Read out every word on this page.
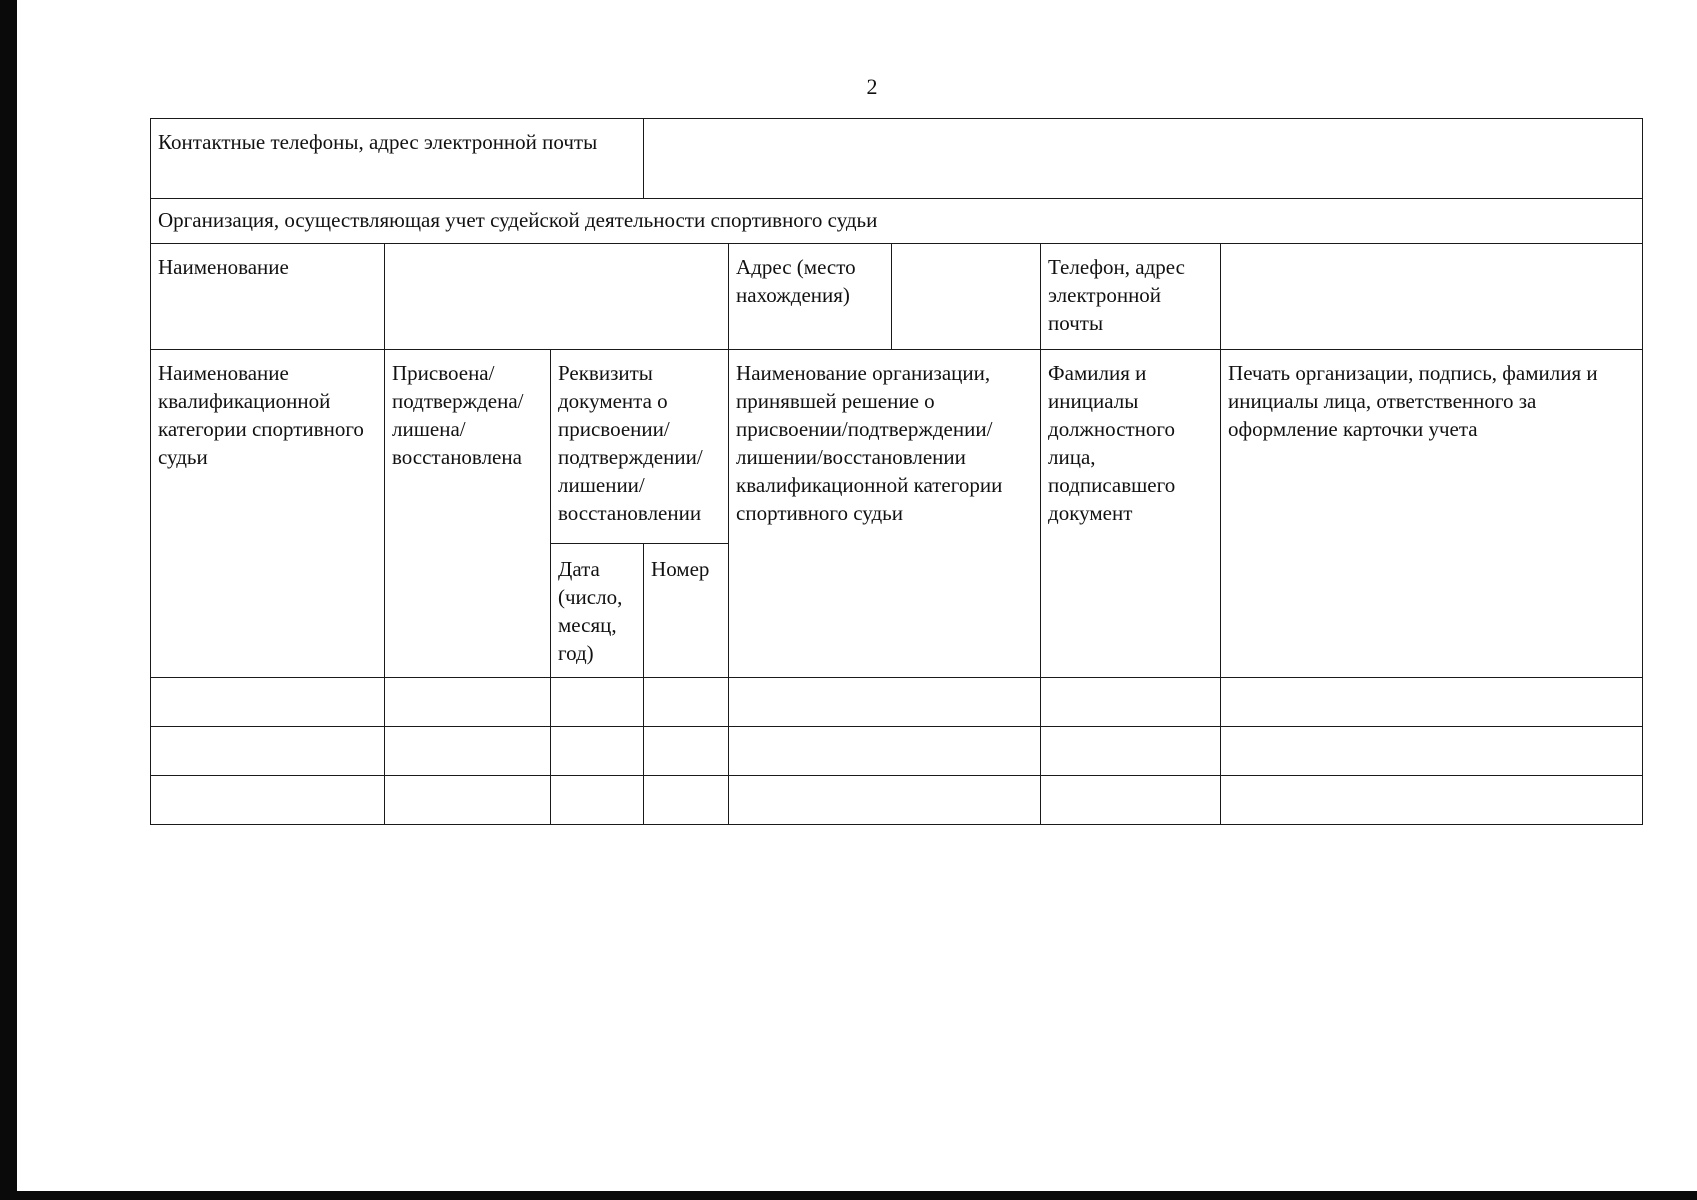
2
Контактные телефоны, адрес электронной почты							
Организация, осуществляющая учет судейской деятельности спортивного судьи							
Наименование				Адрес (место нахождения)		Телефон, адрес электронной почты	
Наименование квалификационной категории спортивного судьи	Присвоена/ подтверждена/ лишена/ восстановлена	Реквизиты документа о присвоении/ подтверждении/ лишении/ восстановлении		Наименование организации, принявшей решение о присвоении/подтверждении/ лишении/восстановлении квалификационной категории спортивного судьи		Фамилия и инициалы должностного лица, подписавшего документ	Печать организации, подпись, фамилия и инициалы лица, ответственного за оформление карточки учета
		Дата (число, месяц, год)	Номер				
